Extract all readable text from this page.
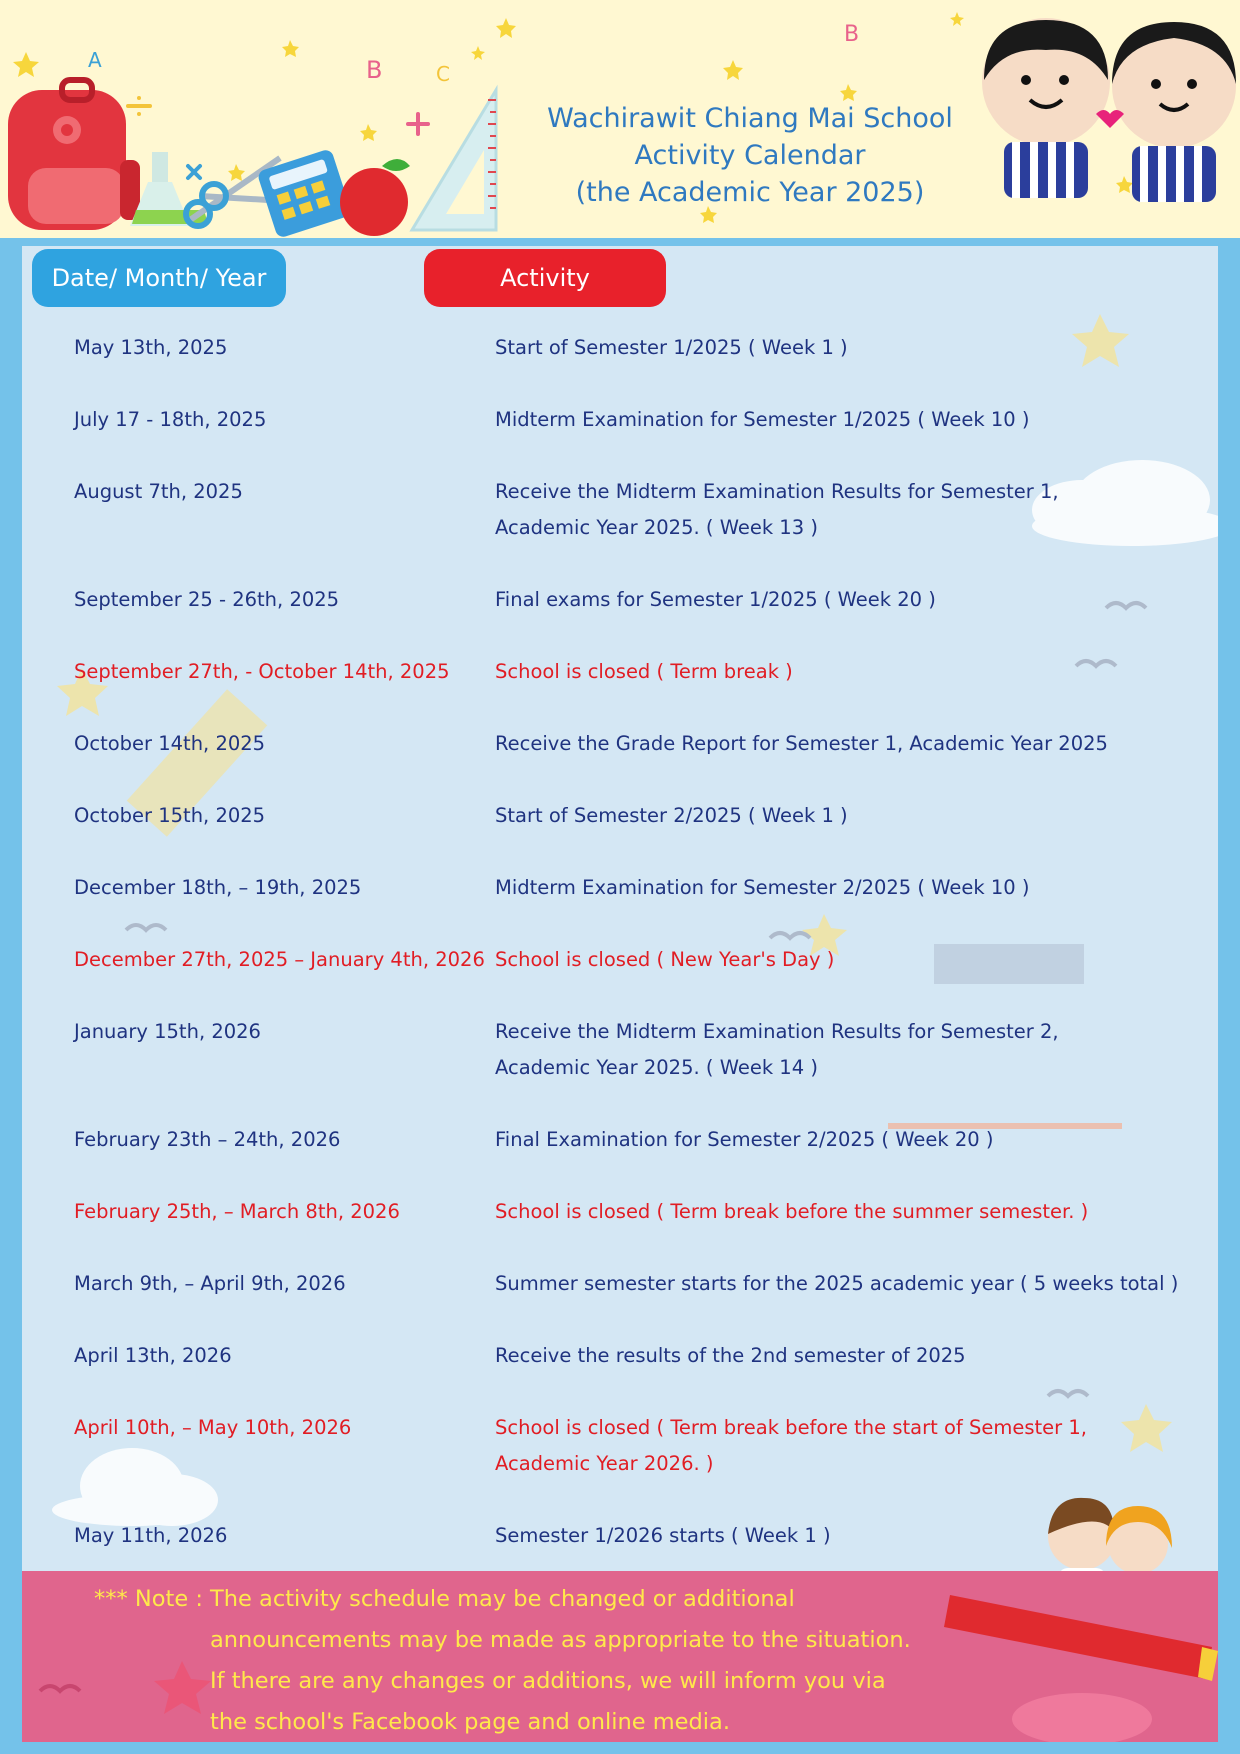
A	B	C
B
Wachirawit Chiang Mai School
Activity Calendar
(the Academic Year 2025)
Date/ Month/ Year	Activity
May 13th, 2025	Start of Semester 1/2025 ( Week 1 )
July 17 - 18th, 2025	Midterm Examination for Semester 1/2025 ( Week 10 )
August 7th, 2025	Receive the Midterm Examination Results for Semester 1,
Academic Year 2025. ( Week 13 )
September 25 - 26th, 2025	Final exams for Semester 1/2025 ( Week 20 )
September 27th, - October 14th, 2025 School is closed ( Term break )
October 14th, 2025	Receive the Grade Report for Semester 1, Academic Year 2025
October 15th, 2025	Start of Semester 2/2025 ( Week 1 )
December 18th, – 19th, 2025	Midterm Examination for Semester 2/2025 ( Week 10 )
December 27th, 2025 – January 4th, 2026 School is closed ( New Year's Day )
January 15th, 2026	Receive the Midterm Examination Results for Semester 2,
Academic Year 2025. ( Week 14 )
February 23th – 24th, 2026	Final Examination for Semester 2/2025 ( Week 20 )
February 25th, – March 8th, 2026	School is closed ( Term break before the summer semester. )
March 9th, – April 9th, 2026	Summer semester starts for the 2025 academic year ( 5 weeks total )
April 13th, 2026	Receive the results of the 2nd semester of 2025
April 10th, – May 10th, 2026	School is closed ( Term break before the start of Semester 1,
Academic Year 2026. )
May 11th, 2026	Semester 1/2026 starts ( Week 1 )
*** Note : The activity schedule may be changed or additional
announcements may be made as appropriate to the situation.
If there are any changes or additions, we will inform you via
the school's Facebook page and online media.
